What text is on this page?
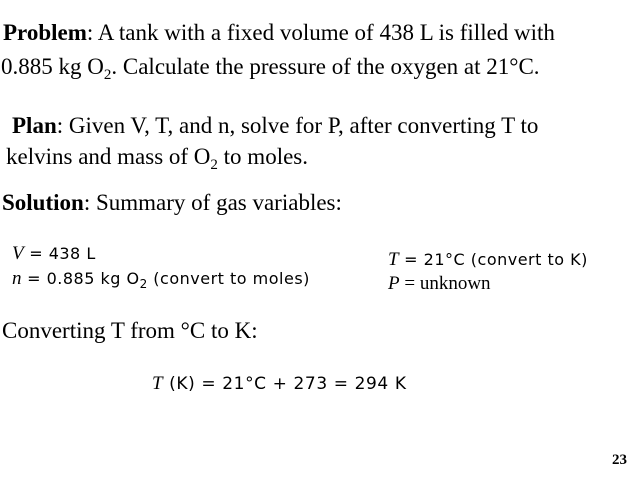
Problem: A tank with a fixed volume of 438 L is filled with
0.885 kg $O_2$. Calculate the pressure of the oxygen at 21°C.
Plan: Given V, T, and n, solve for P, after converting T to
kelvins and mass of $O_2$ to moles.
Solution: Summary of gas variables:
V = 438 L
n = 0.885 kg $O_2$ (convert to moles)
T = 21°C (convert to K)
P = unknown
Converting T from °C to K:
T (K) = 21°C + 273 = 294 K
23
